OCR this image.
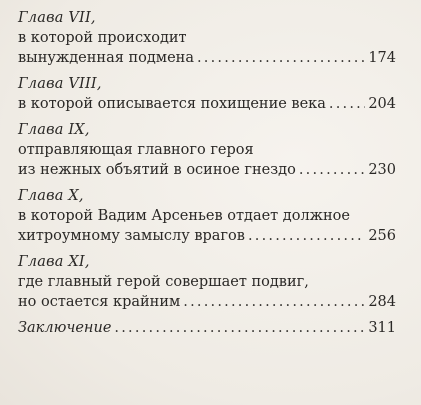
Глава VII,
в которой происходит
вынужденная подмена . . .	174
Глава VIII,
в которой описывается похищение века . . .	204
Глава IX,
отправляющая главного героя
из нежных объятий в осиное гнездо . . .	230
Глава X,
в которой Вадим Арсеньев отдает должное
хитроумному замыслу врагов . . .	256
Глава XI,
где главный герой совершает подвиг,
но остается крайним . . .	284
Заключение . . .	311
